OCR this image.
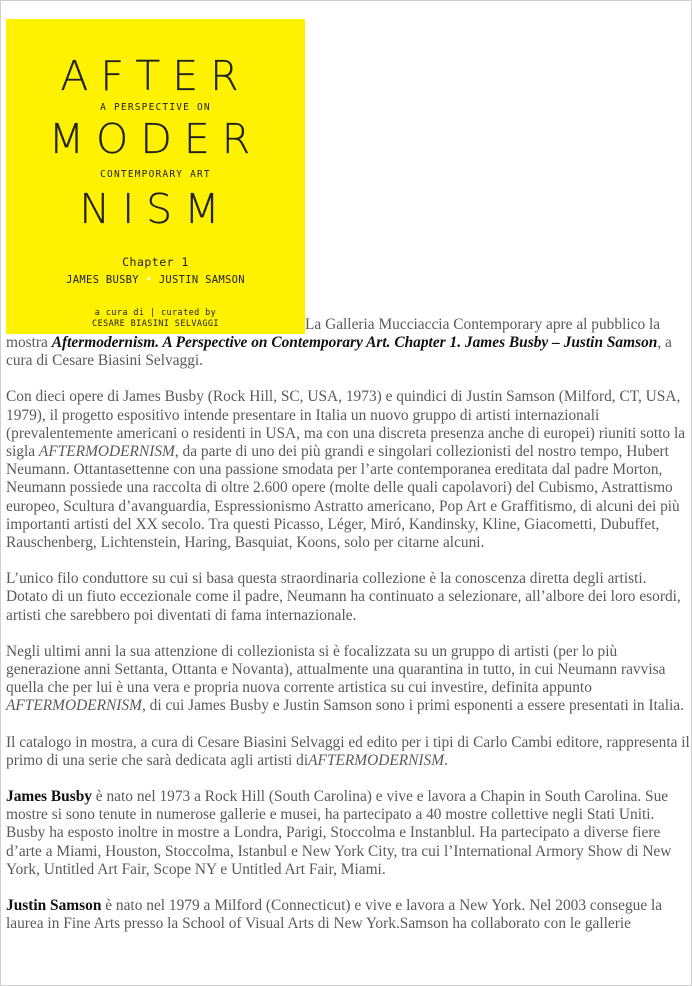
AFTER
A PERSPECTIVE ON
MODER
CONTEMPORARY ART
NISM
Chapter 1
JAMES BUSBY • JUSTIN SAMSON
a cura di | curated by
CESARE BIASINI SELVAGGI	La Galleria Mucciaccia Contemporary apre al pubblico la mostra Aftermodernism. A Perspective on Contemporary Art. Chapter 1. James Busby – Justin Samson, a cura di Cesare Biasini Selvaggi.

Con dieci opere di James Busby (Rock Hill, SC, USA, 1973) e quindici di Justin Samson (Milford, CT, USA, 1979), il progetto espositivo intende presentare in Italia un nuovo gruppo di artisti internazionali (prevalentemente americani o residenti in USA, ma con una discreta presenza anche di europei) riuniti sotto la sigla AFTERMODERNISM, da parte di uno dei più grandi e singolari collezionisti del nostro tempo, Hubert Neumann. Ottantasettenne con una passione smodata per l’arte contemporanea ereditata dal padre Morton, Neumann possiede una raccolta di oltre 2.600 opere (molte delle quali capolavori) del Cubismo, Astrattismo europeo, Scultura d’avanguardia, Espressionismo Astratto americano, Pop Art e Graffitismo, di alcuni dei più importanti artisti del XX secolo. Tra questi Picasso, Léger, Miró, Kandinsky, Kline, Giacometti, Dubuffet, Rauschenberg, Lichtenstein, Haring, Basquiat, Koons, solo per citarne alcuni.

L’unico filo conduttore su cui si basa questa straordinaria collezione è la conoscenza diretta degli artisti. Dotato di un fiuto eccezionale come il padre, Neumann ha continuato a selezionare, all’albore dei loro esordi, artisti che sarebbero poi diventati di fama internazionale.

Negli ultimi anni la sua attenzione di collezionista si è focalizzata su un gruppo di artisti (per lo più generazione anni Settanta, Ottanta e Novanta), attualmente una quarantina in tutto, in cui Neumann ravvisa quella che per lui è una vera e propria nuova corrente artistica su cui investire, definita appunto AFTERMODERNISM, di cui James Busby e Justin Samson sono i primi esponenti a essere presentati in Italia.

Il catalogo in mostra, a cura di Cesare Biasini Selvaggi ed edito per i tipi di Carlo Cambi editore, rappresenta il primo di una serie che sarà dedicata agli artisti diAFTERMODERNISM.

James Busby è nato nel 1973 a Rock Hill (South Carolina) e vive e lavora a Chapin in South Carolina. Sue mostre si sono tenute in numerose gallerie e musei, ha partecipato a 40 mostre collettive negli Stati Uniti. Busby ha esposto inoltre in mostre a Londra, Parigi, Stoccolma e Instanblul. Ha partecipato a diverse fiere d’arte a Miami, Houston, Stoccolma, Istanbul e New York City, tra cui l’International Armory Show di New York, Untitled Art Fair, Scope NY e Untitled Art Fair, Miami.

Justin Samson è nato nel 1979 a Milford (Connecticut) e vive e lavora a New York. Nel 2003 consegue la laurea in Fine Arts presso la School of Visual Arts di New York.Samson ha collaborato con le gallerie
